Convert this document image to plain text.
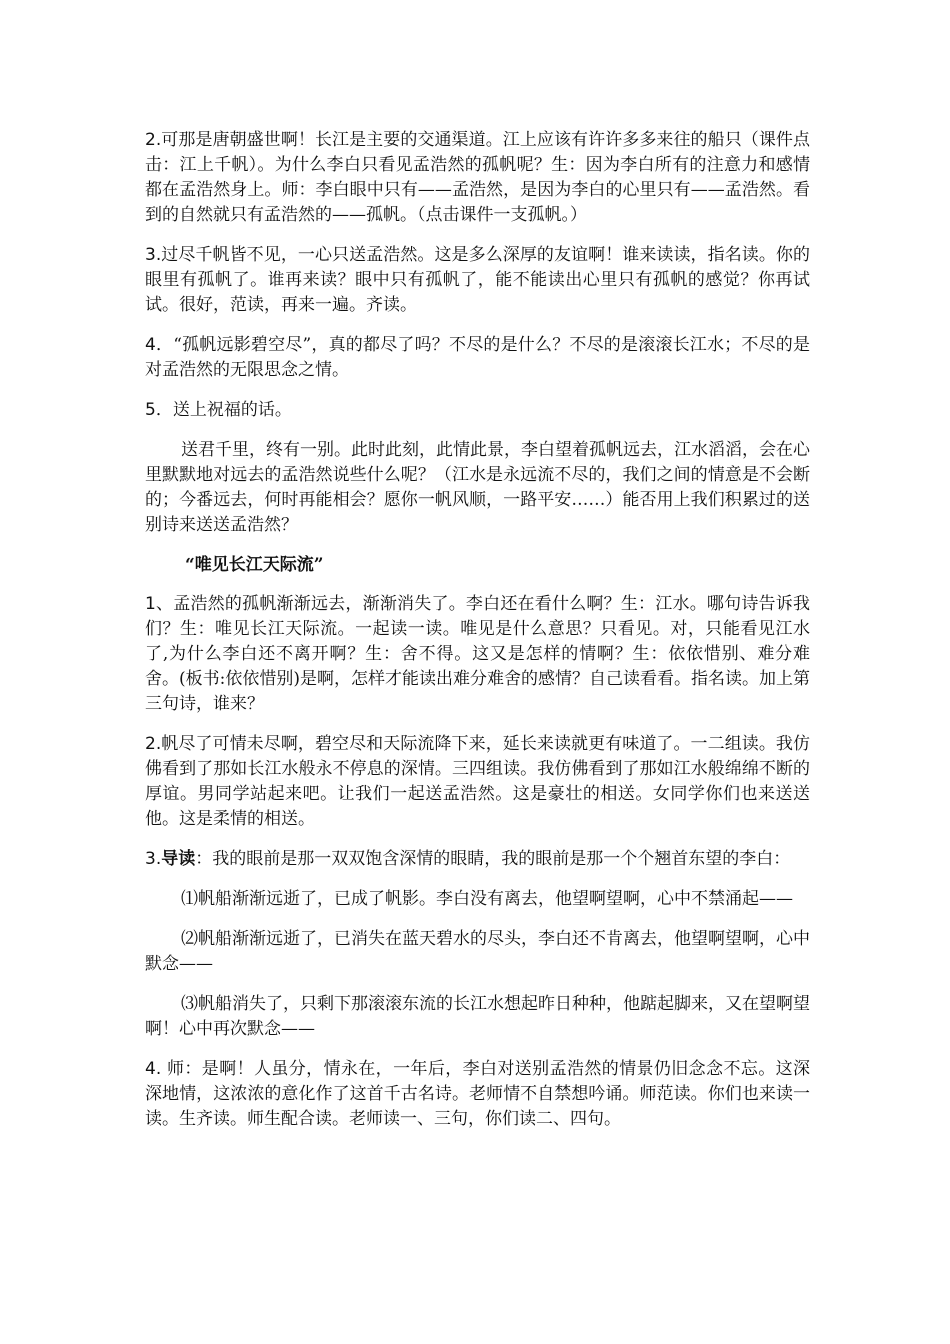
2.可那是唐朝盛世啊！长江是主要的交通渠道。江上应该有许许多多来往的船只（课件点击：江上千帆）。为什么李白只看见孟浩然的孤帆呢？生：因为李白所有的注意力和感情都在孟浩然身上。师：李白眼中只有——孟浩然，是因为李白的心里只有——孟浩然。看到的自然就只有孟浩然的——孤帆。（点击课件一支孤帆。）

3.过尽千帆皆不见，一心只送孟浩然。这是多么深厚的友谊啊！谁来读读，指名读。你的眼里有孤帆了。谁再来读？眼中只有孤帆了，能不能读出心里只有孤帆的感觉？你再试试。很好，范读，再来一遍。齐读。

4．“孤帆远影碧空尽”，真的都尽了吗？不尽的是什么？不尽的是滚滚长江水；不尽的是对孟浩然的无限思念之情。

5．送上祝福的话。

送君千里，终有一别。此时此刻，此情此景，李白望着孤帆远去，江水滔滔，会在心里默默地对远去的孟浩然说些什么呢？（江水是永远流不尽的，我们之间的情意是不会断的；今番远去，何时再能相会？愿你一帆风顺，一路平安……）能否用上我们积累过的送别诗来送送孟浩然？

“唯见长江天际流”

1、孟浩然的孤帆渐渐远去，渐渐消失了。李白还在看什么啊？生：江水。哪句诗告诉我们？生：唯见长江天际流。一起读一读。唯见是什么意思？只看见。对，只能看见江水了,为什么李白还不离开啊？生：舍不得。这又是怎样的情啊？生：依依惜别、难分难舍。(板书:依依惜别)是啊，怎样才能读出难分难舍的感情？自己读看看。指名读。加上第三句诗，谁来？

2.帆尽了可情未尽啊，碧空尽和天际流降下来，延长来读就更有味道了。一二组读。我仿佛看到了那如长江水般永不停息的深情。三四组读。我仿佛看到了那如江水般绵绵不断的厚谊。男同学站起来吧。让我们一起送孟浩然。这是豪壮的相送。女同学你们也来送送他。这是柔情的相送。

3.导读：我的眼前是那一双双饱含深情的眼睛，我的眼前是那一个个翘首东望的李白：

⑴帆船渐渐远逝了，已成了帆影。李白没有离去，他望啊望啊，心中不禁涌起——

⑵帆船渐渐远逝了，已消失在蓝天碧水的尽头，李白还不肯离去，他望啊望啊，心中默念——

⑶帆船消失了，只剩下那滚滚东流的长江水想起昨日种种，他踮起脚来，又在望啊望啊！心中再次默念——

4. 师：是啊！人虽分，情永在，一年后，李白对送别孟浩然的情景仍旧念念不忘。这深深地情，这浓浓的意化作了这首千古名诗。老师情不自禁想吟诵。师范读。你们也来读一读。生齐读。师生配合读。老师读一、三句，你们读二、四句。
